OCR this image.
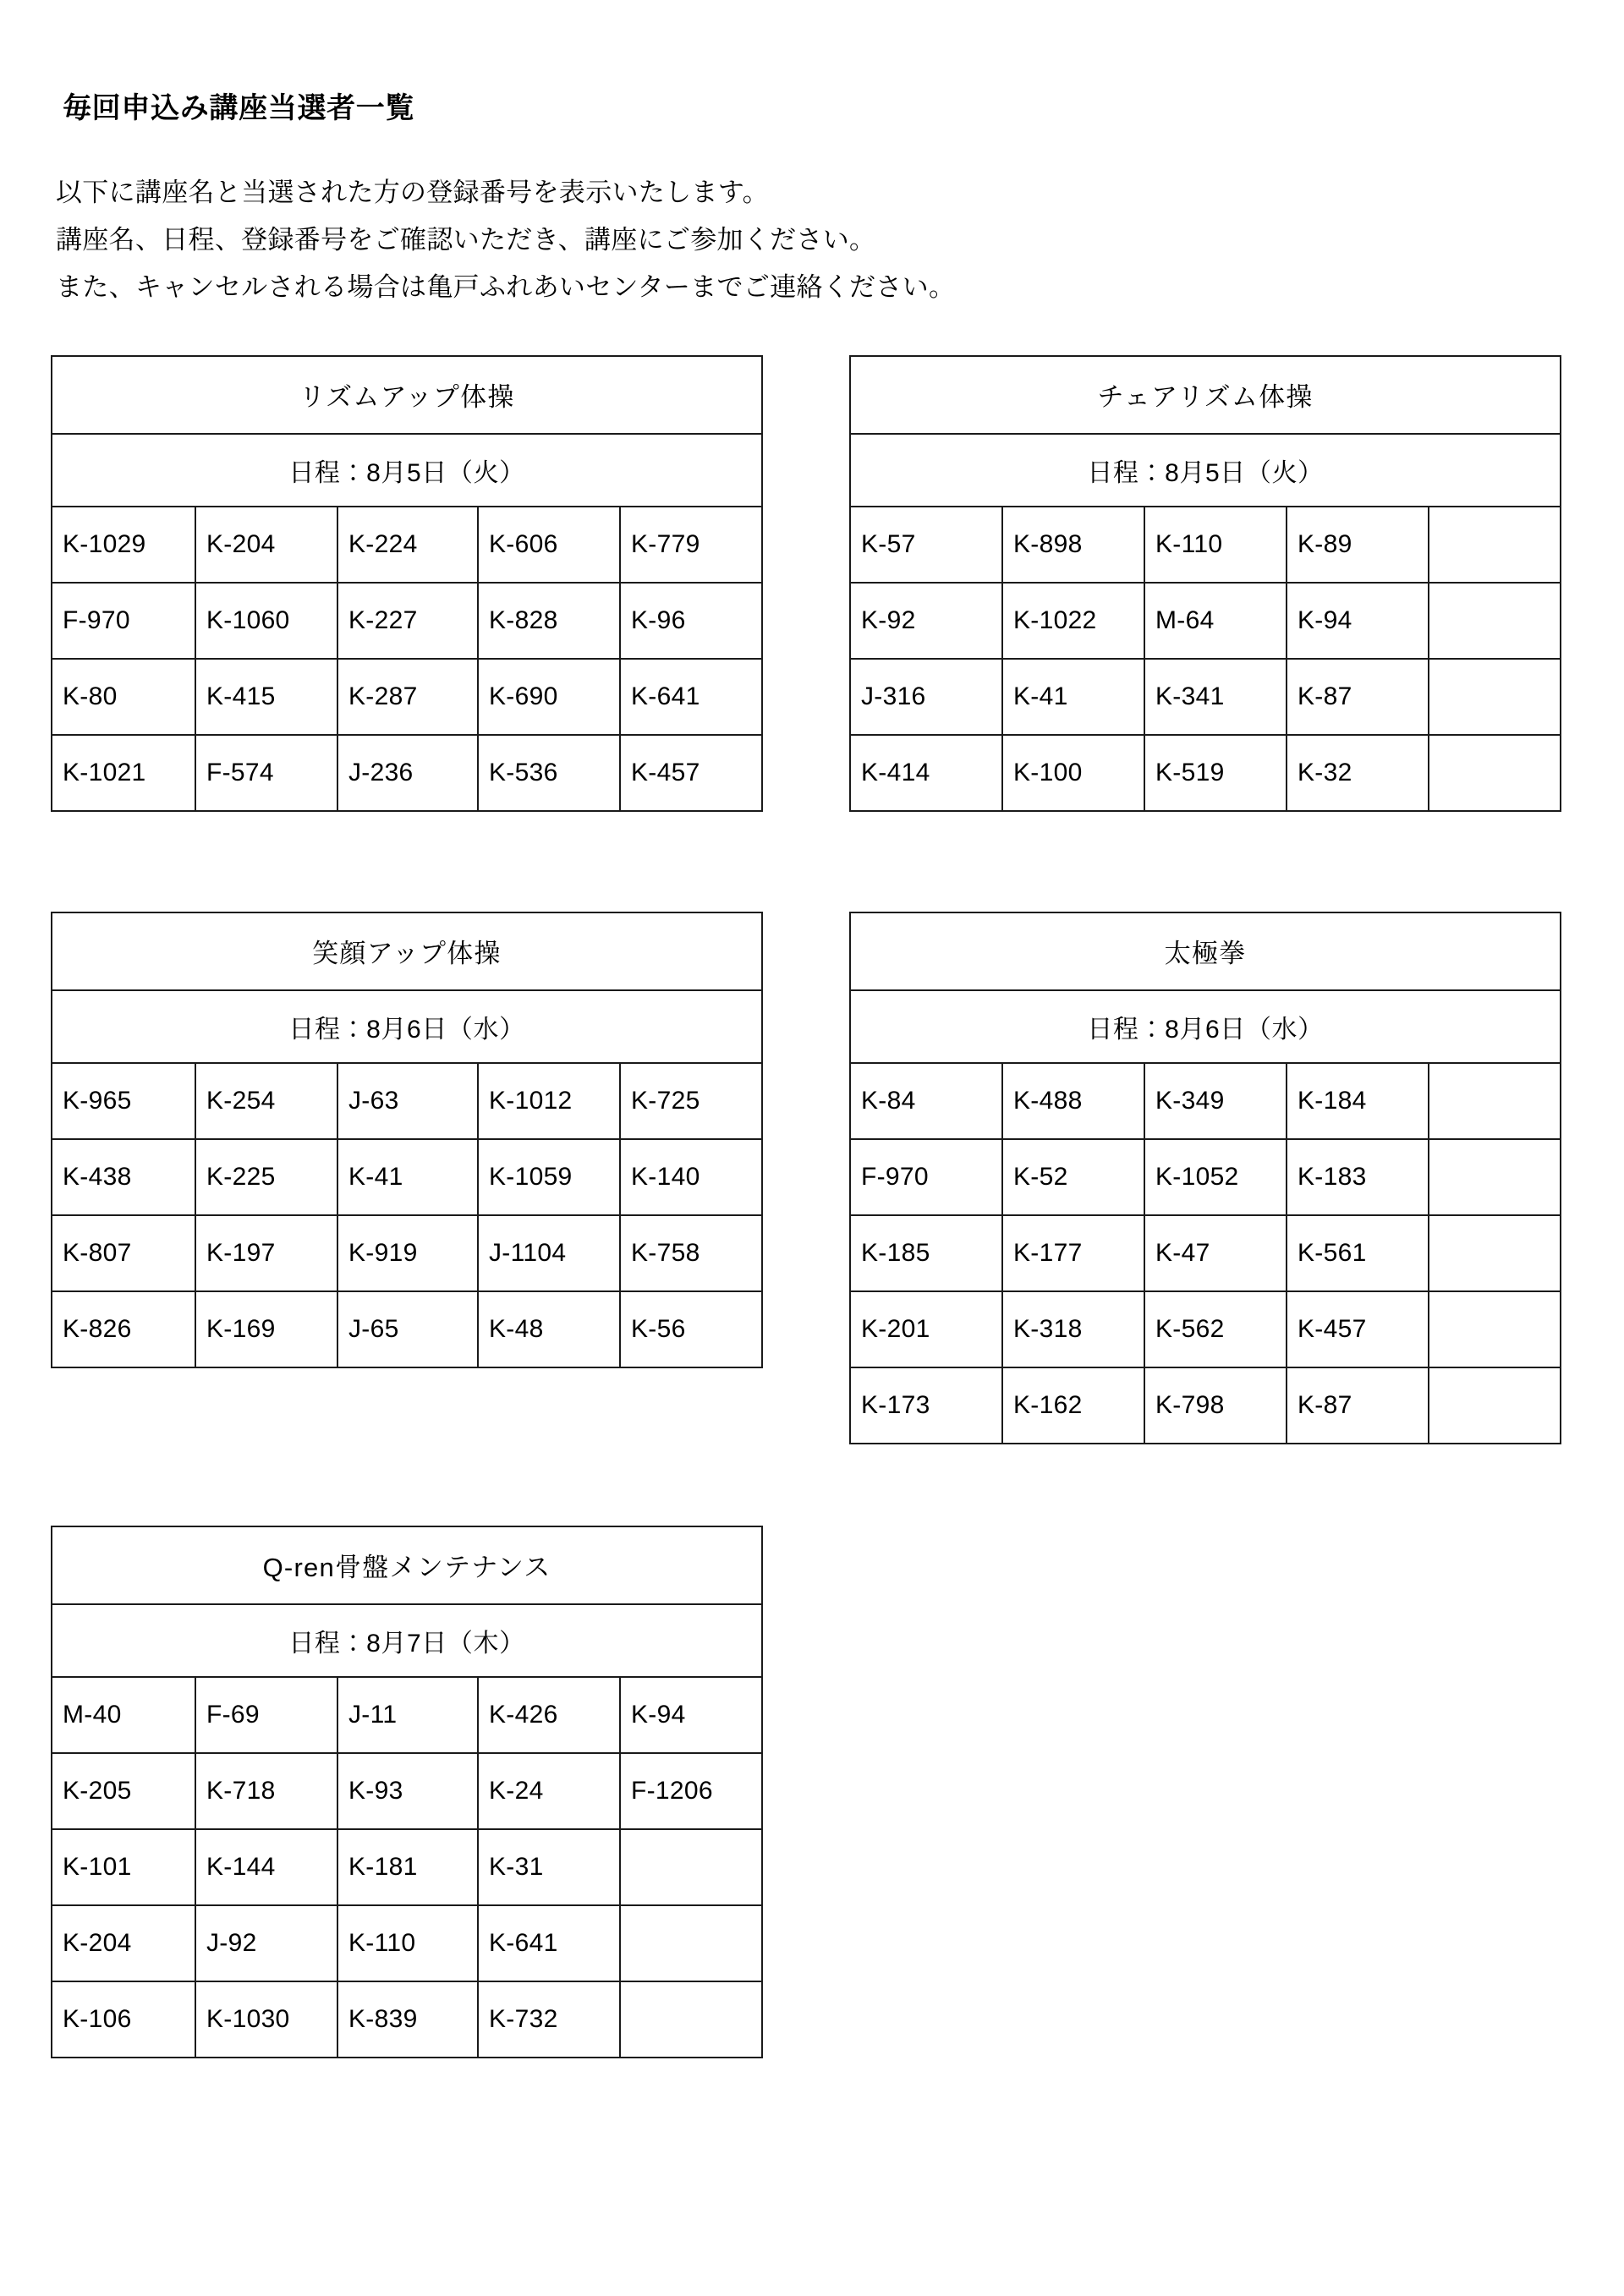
毎回申込み講座当選者一覧

以下に講座名と当選された方の登録番号を表示いたします。

講座名、日程、登録番号をご確認いただき、講座にご参加ください。

また、キャンセルされる場合は亀戸ふれあいセンターまでご連絡ください。

リズムアップ体操				
日程：8月5日（火）				
K-1029	K-204	K-224	K-606	K-779
F-970	K-1060	K-227	K-828	K-96
K-80	K-415	K-287	K-690	K-641
K-1021	F-574	J-236	K-536	K-457
チェアリズム体操				
日程：8月5日（火）				
K-57	K-898	K-110	K-89	
K-92	K-1022	M-64	K-94	
J-316	K-41	K-341	K-87	
K-414	K-100	K-519	K-32	
笑顔アップ体操				
日程：8月6日（水）				
K-965	K-254	J-63	K-1012	K-725
K-438	K-225	K-41	K-1059	K-140
K-807	K-197	K-919	J-1104	K-758
K-826	K-169	J-65	K-48	K-56
太極拳				
日程：8月6日（水）				
K-84	K-488	K-349	K-184	
F-970	K-52	K-1052	K-183	
K-185	K-177	K-47	K-561	
K-201	K-318	K-562	K-457	
K-173	K-162	K-798	K-87	
Q-ren骨盤メンテナンス				
日程：8月7日（木）				
M-40	F-69	J-11	K-426	K-94
K-205	K-718	K-93	K-24	F-1206
K-101	K-144	K-181	K-31	
K-204	J-92	K-110	K-641	
K-106	K-1030	K-839	K-732	
